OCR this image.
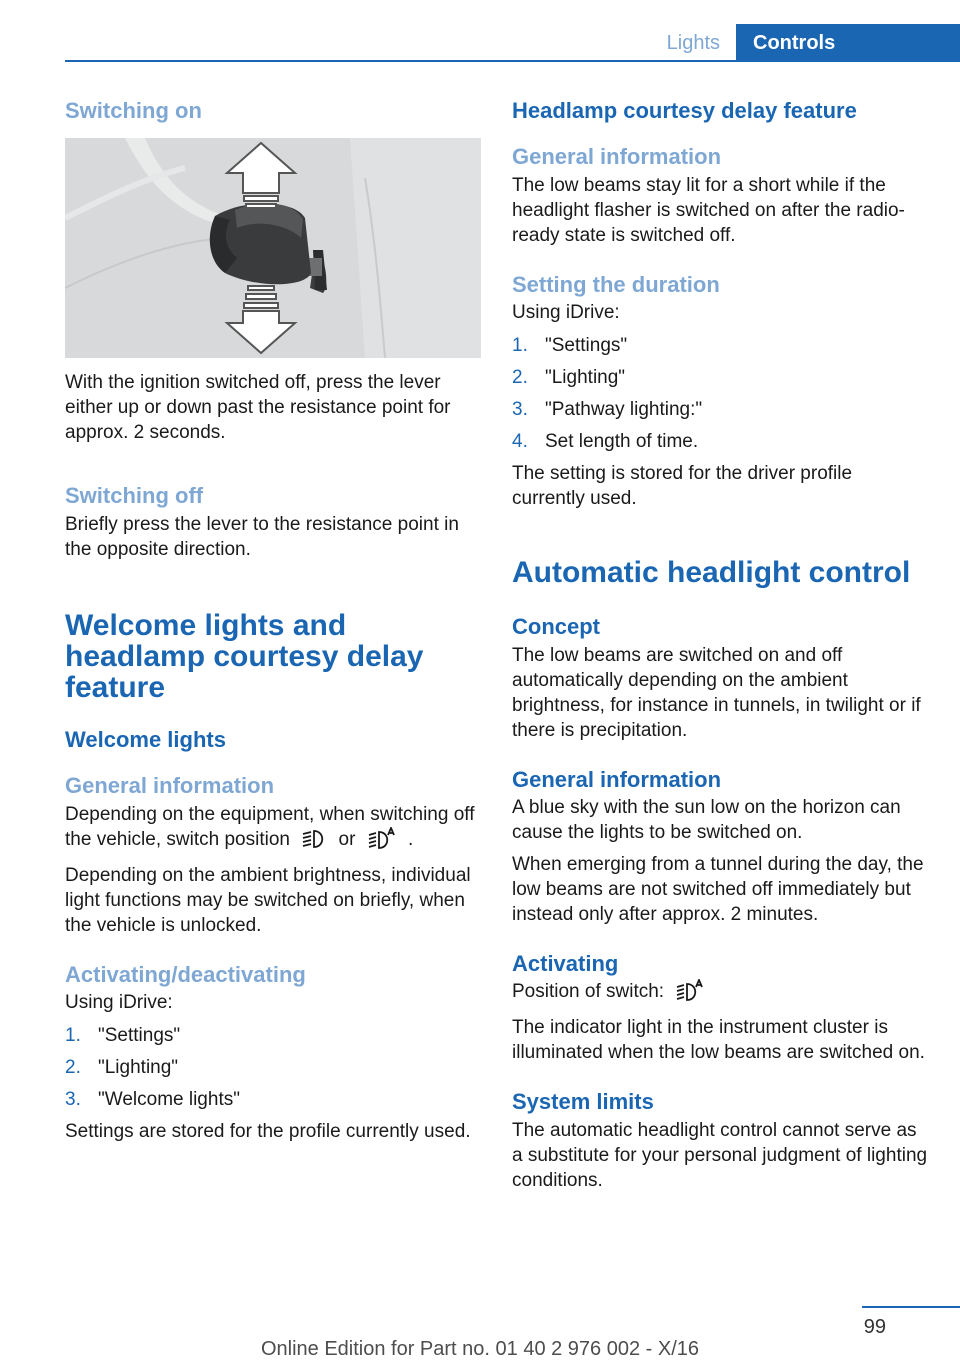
Lights	Controls
Switching on

With the ignition switched off, press the lever either up or down past the resistance point for approx. 2 seconds.

Switching off

Briefly press the lever to the resistance point in the opposite direction.

Welcome lights and headlamp courtesy delay feature
Welcome lights
General information

Depending on the equipment, when switching off the vehicle, switch position	or	.

Depending on the ambient brightness, individual light functions may be switched on briefly, when the vehicle is unlocked.

Activating/deactivating

Using iDrive:

1. "Settings"
2. "Lighting"
3. "Welcome lights"

Settings are stored for the profile currently used.

Headlamp courtesy delay feature
General information

The low beams stay lit for a short while if the headlight flasher is switched on after the radio-ready state is switched off.

Setting the duration

Using iDrive:

1. "Settings"
2. "Lighting"
3. "Pathway lighting:"
4. Set length of time.

The setting is stored for the driver profile currently used.

Automatic headlight control
Concept

The low beams are switched on and off automatically depending on the ambient brightness, for instance in tunnels, in twilight or if there is precipitation.

General information

A blue sky with the sun low on the horizon can cause the lights to be switched on.

When emerging from a tunnel during the day, the low beams are not switched off immediately but instead only after approx. 2 minutes.

Activating

Position of switch:

The indicator light in the instrument cluster is illuminated when the low beams are switched on.

System limits

The automatic headlight control cannot serve as a substitute for your personal judgment of lighting conditions.

99
Online Edition for Part no. 01 40 2 976 002 - X/16
